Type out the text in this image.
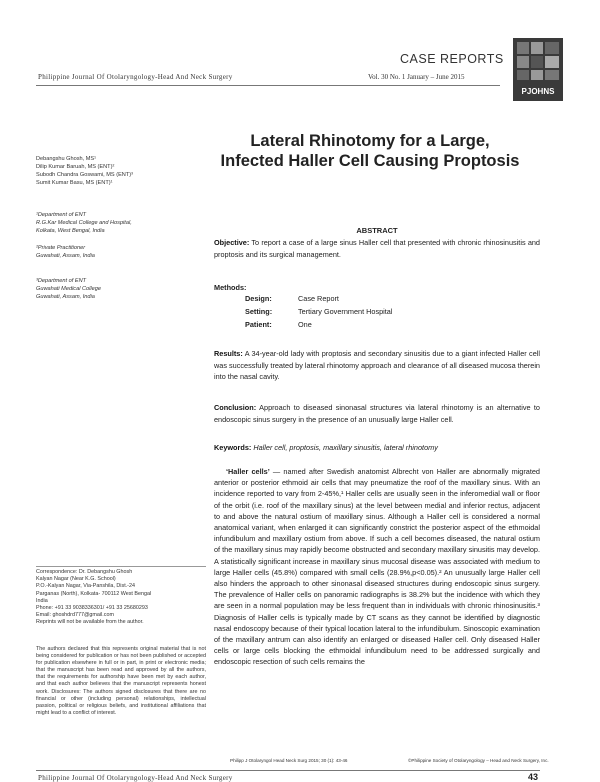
CASE REPORTS
Philippine Journal Of Otolaryngology-Head And Neck Surgery	Vol. 30 No. 1 January – June 2015
PJOHNS
Lateral Rhinotomy for a Large,
Infected Haller Cell Causing Proptosis
Debangshu Ghosh, MS¹
Dilip Kumar Baruah, MS (ENT)²
Subodh Chandra Goswami, MS (ENT)³
Sumit Kumar Basu, MS (ENT)¹
¹Department of ENT
R.G.Kar Medical College and Hospital,
Kolkata, West Bengal, India
²Private Practitioner
Guwahati, Assam, India
³Department of ENT
Guwahati Medical College
Guwahati, Assam, India
ABSTRACT
Objective: To report a case of a large sinus Haller cell that presented with chronic rhinosinusitis and proptosis and its surgical management.
Methods:
Design:	Case Report
Setting:	Tertiary Government Hospital
Patient:	One
Results: A 34-year-old lady with proptosis and secondary sinusitis due to a giant infected Haller cell was successfully treated by lateral rhinotomy approach and clearance of all diseased mucosa therein into the nasal cavity.
Conclusion: Approach to diseased sinonasal structures via lateral rhinotomy is an alternative to endoscopic sinus surgery in the presence of an unusually large Haller cell.
Keywords: Haller cell, proptosis, maxillary sinusitis, lateral rhinotomy
‘Haller cells’ — named after Swedish anatomist Albrecht von Haller are abnormally migrated anterior or posterior ethmoid air cells that may pneumatize the roof of the maxillary sinus. With an incidence reported to vary from 2-45%,¹ Haller cells are usually seen in the inferomedial wall or floor of the orbit (i.e. roof of the maxillary sinus) at the level between medial and inferior rectus, adjacent to and above the natural ostium of maxillary sinus. Although a Haller cell is considered a normal anatomical variant, when enlarged it can significantly constrict the posterior aspect of the ethmoidal infundibulum and maxillary ostium from above. If such a cell becomes diseased, the natural ostium of the maxillary sinus may rapidly become obstructed and secondary maxillary sinusitis may develop. A statistically significant increase in maxillary sinus mucosal disease was associated with medium to large Haller cells (45.8%) compared with small cells (28.9%,p<0.05).² An unusually large Haller cell also hinders the approach to other sinonasal diseased structures during endoscopic sinus surgery. The prevalence of Haller cells on panoramic radiographs is 38.2% but the incidence with which they are seen in a normal population may be less frequent than in individuals with chronic rhinosinusitis.³ Diagnosis of Haller cells is typically made by CT scans as they cannot be identified by diagnostic nasal endoscopy because of their typical location lateral to the infundibulum. Sinoscopic examination of the maxillary antrum can also identify an enlarged or diseased Haller cell. Only diseased Haller cells or large cells blocking the ethmoidal infundibulum need to be addressed surgically and endoscopic resection of such cells remains the
Correspondence: Dr. Debangshu Ghosh
Kalyan Nagar (Near K.G. School)
P.O.-Kalyan Nagar, Via-Panshila, Dist.-24
Parganas (North), Kolkata- 700112 West Bengal
India
Phone: +91 33 9038336301/ +91 33 25680293
Email: ghoshdrd777@gmail.com
Reprints will not be available from the author.
The authors declared that this represents original material that is not being considered for publication or has not been published or accepted for publication elsewhere in full or in part, in print or electronic media; that the manuscript has been read and approved by all the authors, that the requirements for authorship have been met by each author, and that each author believes that the manuscript represents honest work. Disclosures: The authors signed disclosures that there are no financial or other (including personal) relationships, intellectual passion, political or religious beliefs, and institutional affiliations that might lead to a conflict of interest.
Philipp J Otolaryngol Head Neck Surg 2015; 30 (1): 43-46	©Philippine Society of Otolaryngology – Head and Neck Surgery, Inc.
Philippine Journal Of Otolaryngology-Head And Neck Surgery	43
